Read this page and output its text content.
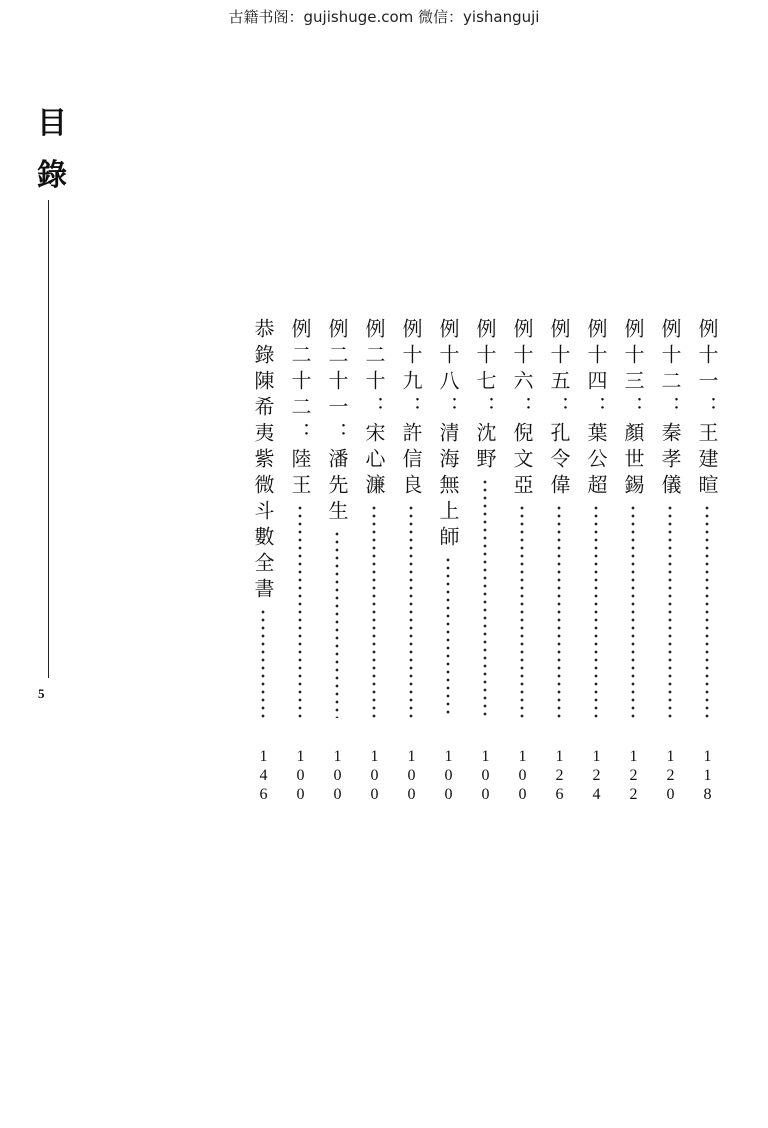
古籍书阁：gujishuge.com 微信：yishanguji
目
錄
5
例十一：王建暄
118
例十二：秦孝儀
120
例十三：顏世錫
122
例十四：葉公超
124
例十五：孔令偉
126
例十六：倪文亞
100
例十七：沈野
100
例十八：清海無上師
100
例十九：許信良
100
例二十：宋心濂
100
例二十一：潘先生
100
例二十二：陸王
100
恭錄陳希夷紫微斗數全書
146
